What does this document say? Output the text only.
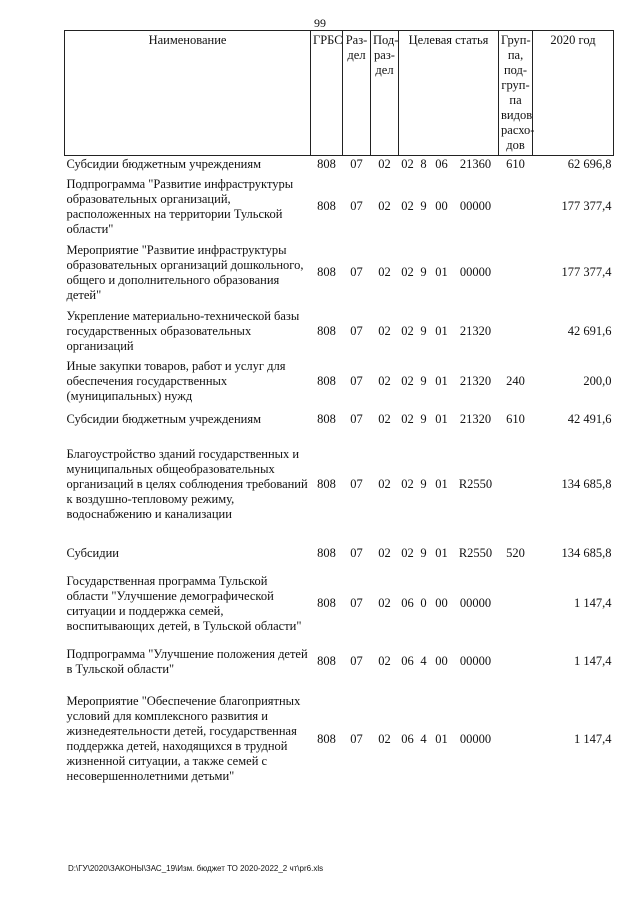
99
Наименование	ГРБС	Раз-дел	Под-раз-дел	Целевая статья				Груп-па, под-груп-па видов расхо-дов	2020 год
Субсидии бюджетным учреждениям	808	07	02	02	8	06	21360	610	62 696,8
Подпрограмма "Развитие инфраструктуры образовательных организаций, расположенных на территории Тульской области"	808	07	02	02	9	00	00000		177 377,4
Мероприятие "Развитие инфраструктуры образовательных организаций дошкольного, общего и дополнительного образования детей"	808	07	02	02	9	01	00000		177 377,4
Укрепление материально-технической базы государственных образовательных организаций	808	07	02	02	9	01	21320		42 691,6
Иные закупки товаров, работ и услуг для обеспечения государственных (муниципальных) нужд	808	07	02	02	9	01	21320	240	200,0
Субсидии бюджетным учреждениям	808	07	02	02	9	01	21320	610	42 491,6
Благоустройство зданий государственных и муниципальных общеобразовательных организаций в целях соблюдения требований к воздушно-тепловому режиму, водоснабжению и канализации	808	07	02	02	9	01	R2550		134 685,8
Субсидии	808	07	02	02	9	01	R2550	520	134 685,8
Государственная программа Тульской области "Улучшение демографической ситуации и поддержка семей, воспитывающих детей, в Тульской области"	808	07	02	06	0	00	00000		1 147,4
Подпрограмма "Улучшение положения детей в Тульской области"	808	07	02	06	4	00	00000		1 147,4
Мероприятие "Обеспечение благоприятных условий для комплексного развития и жизнедеятельности детей, государственная поддержка детей, находящихся в трудной жизненной ситуации, а также семей с несовершеннолетними детьми"	808	07	02	06	4	01	00000		1 147,4
D:\ГУ\2020\ЗАКОНЫ\ЗАС_19\Изм. бюджет ТО 2020-2022_2 чт\рr6.xls
